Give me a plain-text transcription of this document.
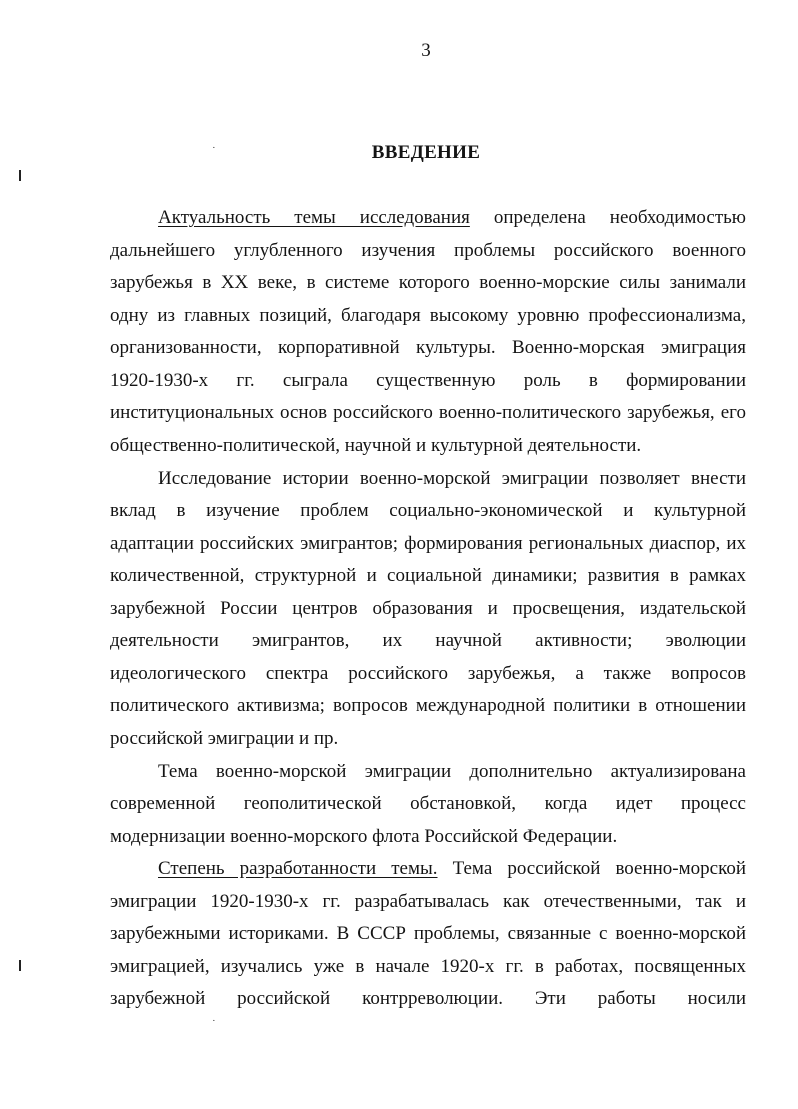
3
ВВЕДЕНИЕ
˙
˙
Актуальность темы исследования определена необходимостью
дальнейшего углубленного изучения проблемы российского военного
зарубежья в XX веке, в системе которого военно-морские силы занимали
одну из главных позиций, благодаря высокому уровню профессионализма,
организованности, корпоративной культуры. Военно-морская эмиграция
1920-1930-х гг. сыграла существенную роль в формировании
институциональных основ российского военно-политического зарубежья, его
общественно-политической, научной и культурной деятельности.
Исследование истории военно-морской эмиграции позволяет внести
вклад в изучение проблем социально-экономической и культурной
адаптации российских эмигрантов; формирования региональных диаспор, их
количественной, структурной и социальной динамики; развития в рамках
зарубежной России центров образования и просвещения, издательской
деятельности эмигрантов, их научной активности; эволюции
идеологического спектра российского зарубежья, а также вопросов
политического активизма; вопросов международной политики в отношении
российской эмиграции и пр.
Тема военно-морской эмиграции дополнительно актуализирована
современной геополитической обстановкой, когда идет процесс
модернизации военно-морского флота Российской Федерации.
Степень разработанности темы. Тема российской военно-морской
эмиграции 1920-1930-х гг. разрабатывалась как отечественными, так и
зарубежными историками. В СССР проблемы, связанные с военно-морской
эмиграцией, изучались уже в начале 1920-х гг. в работах, посвященных
зарубежной российской контрреволюции. Эти работы носили
